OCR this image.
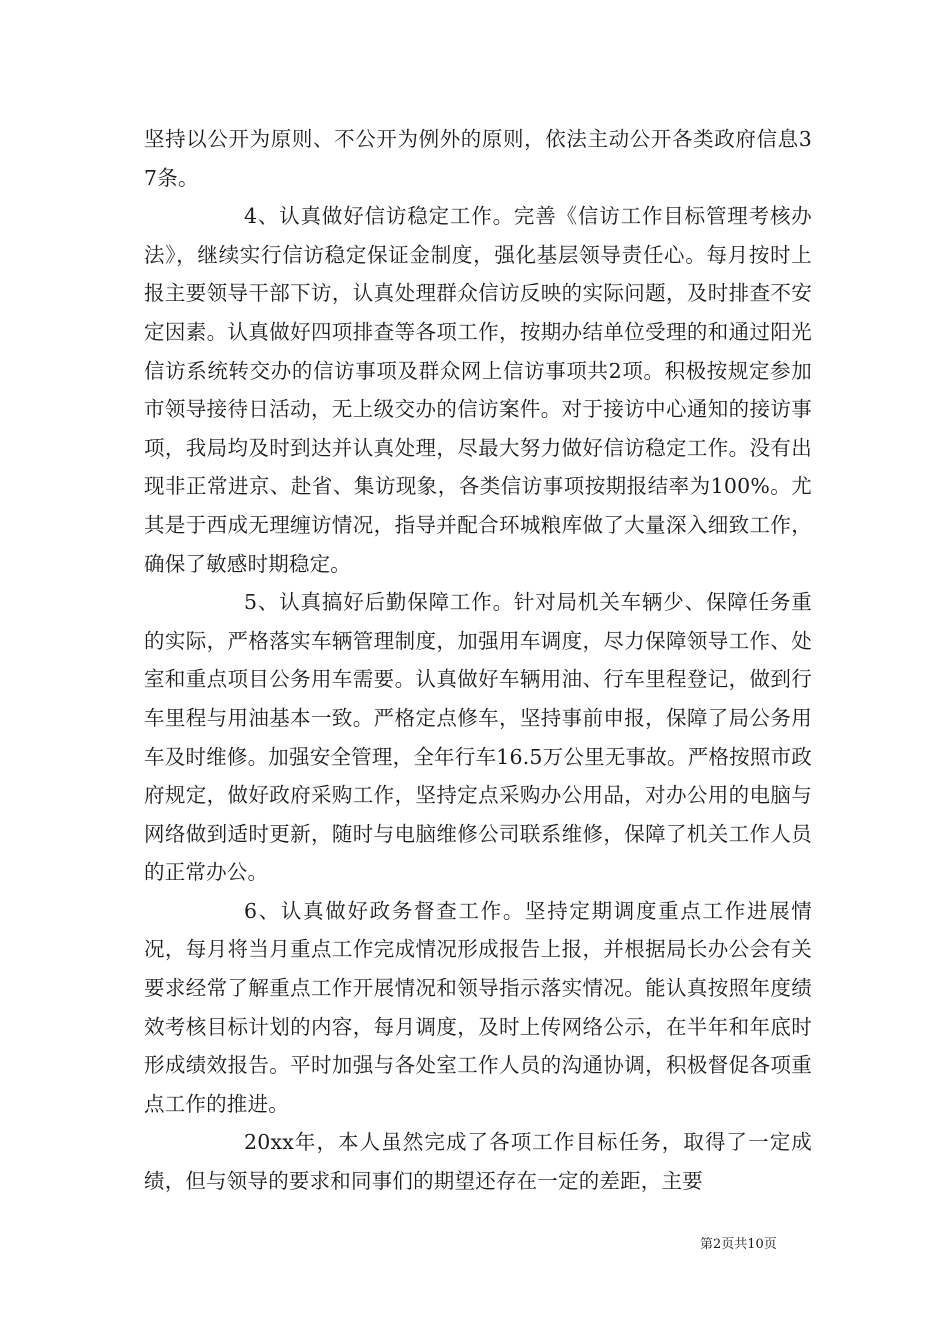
坚持以公开为原则、不公开为例外的原则，依法主动公开各类政府信息37条。

4、认真做好信访稳定工作。完善《信访工作目标管理考核办法》，继续实行信访稳定保证金制度，强化基层领导责任心。每月按时上报主要领导干部下访，认真处理群众信访反映的实际问题，及时排查不安定因素。认真做好四项排查等各项工作，按期办结单位受理的和通过阳光信访系统转交办的信访事项及群众网上信访事项共2项。积极按规定参加市领导接待日活动，无上级交办的信访案件。对于接访中心通知的接访事项，我局均及时到达并认真处理，尽最大努力做好信访稳定工作。没有出现非正常进京、赴省、集访现象，各类信访事项按期报结率为100%。尤其是于西成无理缠访情况，指导并配合环城粮库做了大量深入细致工作，确保了敏感时期稳定。

5、认真搞好后勤保障工作。针对局机关车辆少、保障任务重的实际，严格落实车辆管理制度，加强用车调度，尽力保障领导工作、处室和重点项目公务用车需要。认真做好车辆用油、行车里程登记，做到行车里程与用油基本一致。严格定点修车，坚持事前申报，保障了局公务用车及时维修。加强安全管理，全年行车16.5万公里无事故。严格按照市政府规定，做好政府采购工作，坚持定点采购办公用品，对办公用的电脑与网络做到适时更新，随时与电脑维修公司联系维修，保障了机关工作人员的正常办公。

6、认真做好政务督查工作。坚持定期调度重点工作进展情况，每月将当月重点工作完成情况形成报告上报，并根据局长办公会有关要求经常了解重点工作开展情况和领导指示落实情况。能认真按照年度绩效考核目标计划的内容，每月调度，及时上传网络公示，在半年和年底时形成绩效报告。平时加强与各处室工作人员的沟通协调，积极督促各项重点工作的推进。

20xx年，本人虽然完成了各项工作目标任务，取得了一定成绩，但与领导的要求和同事们的期望还存在一定的差距，主要

第2页共10页
